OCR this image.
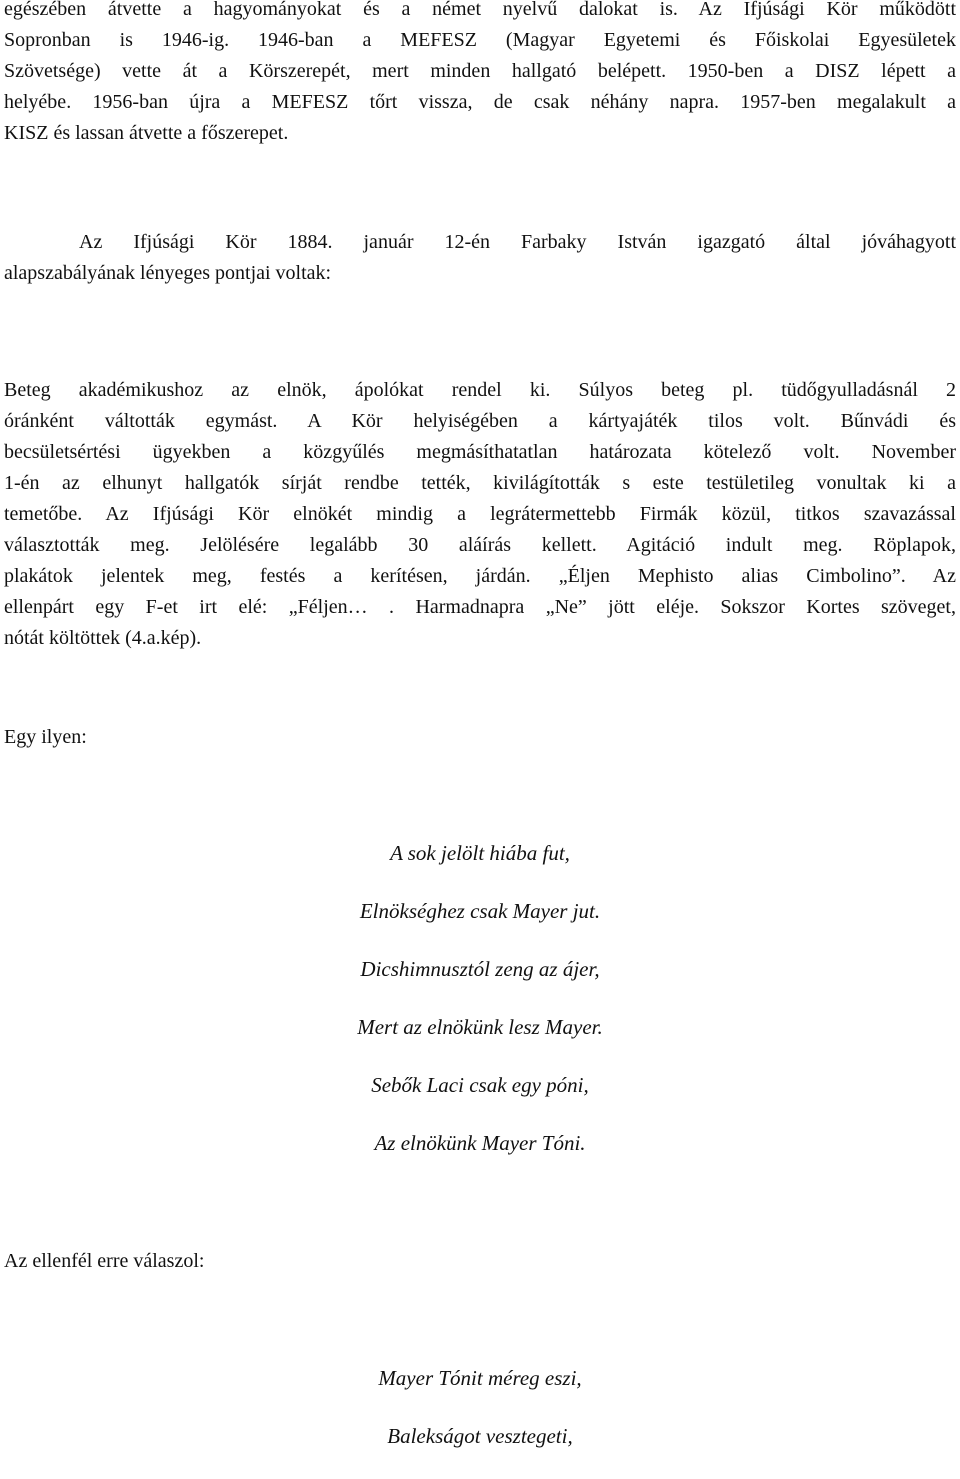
egészében átvette a hagyományokat és a német nyelvű dalokat is. Az Ifjúsági Kör működött
Sopronban is 1946-ig. 1946-ban a MEFESZ (Magyar Egyetemi és Főiskolai Egyesületek
Szövetsége) vette át a Körszerepét, mert minden hallgató belépett. 1950-ben a DISZ lépett a
helyébe. 1956-ban újra a MEFESZ tőrt vissza, de csak néhány napra. 1957-ben megalakult a
KISZ és lassan átvette a főszerepet.

Az Ifjúsági Kör 1884. január 12-én Farbaky István igazgató által jóváhagyott
alapszabályának lényeges pontjai voltak:

Beteg akadémikushoz az elnök, ápolókat rendel ki. Súlyos beteg pl. tüdőgyulladásnál 2
óránként váltották egymást. A Kör helyiségében a kártyajáték tilos volt. Bűnvádi és
becsületsértési ügyekben a közgyűlés megmásíthatatlan határozata kötelező volt. November
1-én az elhunyt hallgatók sírját rendbe tették, kivilágították s este testületileg vonultak ki a
temetőbe. Az Ifjúsági Kör elnökét mindig a legrátermettebb Firmák közül, titkos szavazással
választották meg. Jelölésére legalább 30 aláírás kellett. Agitáció indult meg. Röplapok,
plakátok jelentek meg, festés a kerítésen, járdán. „Éljen Mephisto alias Cimbolino”. Az
ellenpárt egy F-et irt elé: „Féljen… . Harmadnapra „Ne” jött eléje. Sokszor Kortes szöveget,
nótát költöttek (4.a.kép).

Egy ilyen:

A sok jelölt hiába fut,
Elnökséghez csak Mayer jut.
Dicshimnusztól zeng az ájer,
Mert az elnökünk lesz Mayer.
Sebők Laci csak egy póni,
Az elnökünk Mayer Tóni.

Az ellenfél erre válaszol:

Mayer Tónit méreg eszi,
Balekságot vesztegeti,
